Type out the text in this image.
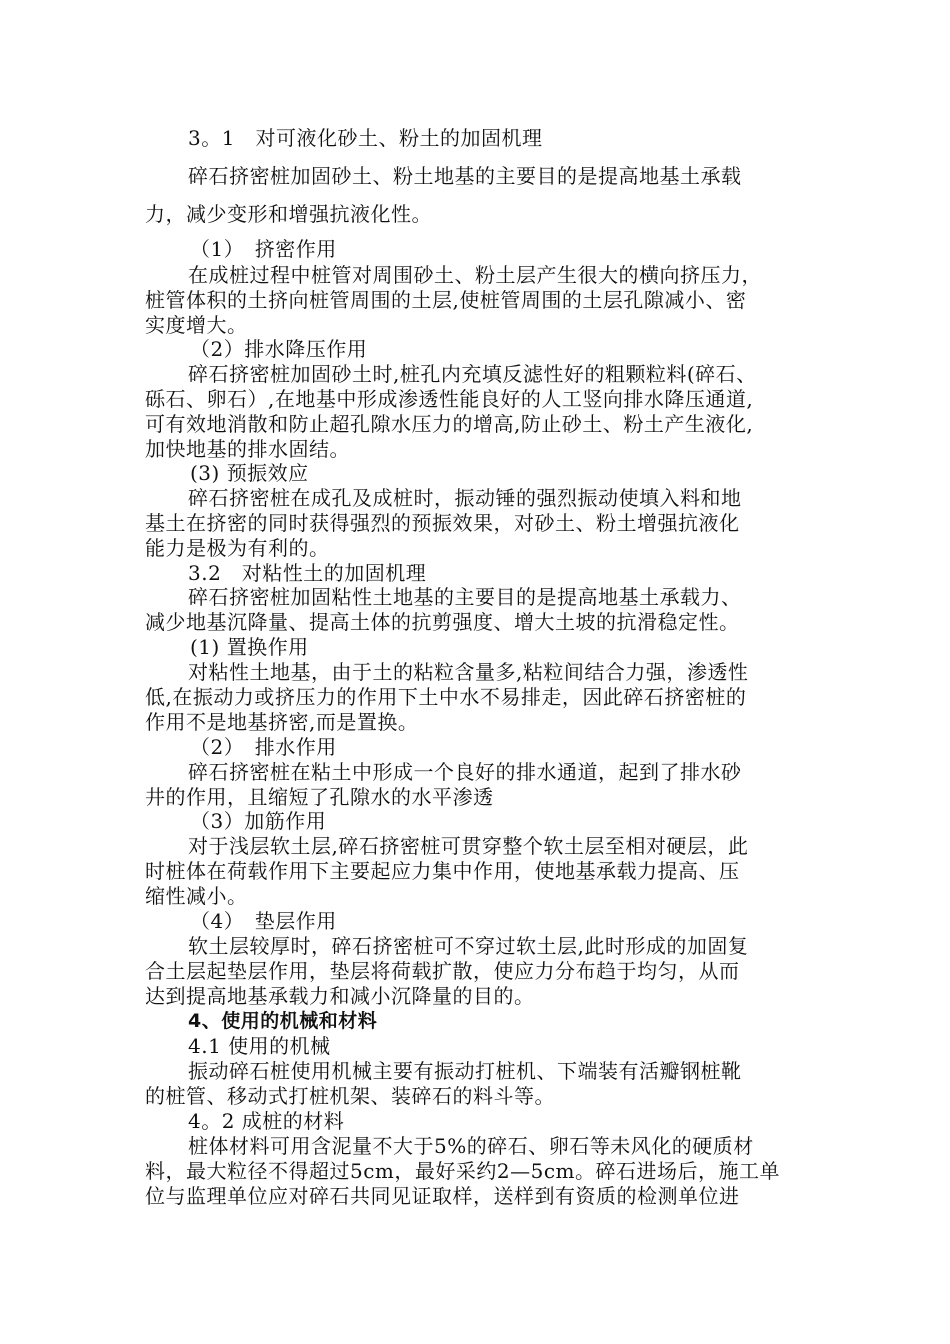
3。1　对可液化砂土、粉土的加固机理
碎石挤密桩加固砂土、粉土地基的主要目的是提高地基土承载
力，减少变形和增强抗液化性。
（1）　挤密作用
在成桩过程中桩管对周围砂土、粉土层产生很大的横向挤压力，
桩管体积的土挤向桩管周围的土层,使桩管周围的土层孔隙减小、密
实度增大。
（2）排水降压作用
碎石挤密桩加固砂土时,桩孔内充填反滤性好的粗颗粒料(碎石、
砾石、卵石）,在地基中形成渗透性能良好的人工竖向排水降压通道,
可有效地消散和防止超孔隙水压力的增高,防止砂土、粉土产生液化,
加快地基的排水固结。
(3) 预振效应
碎石挤密桩在成孔及成桩时，振动锤的强烈振动使填入料和地
基土在挤密的同时获得强烈的预振效果，对砂土、粉土增强抗液化
能力是极为有利的。
3.2　对粘性土的加固机理
碎石挤密桩加固粘性土地基的主要目的是提高地基土承载力、
减少地基沉降量、提高土体的抗剪强度、增大土坡的抗滑稳定性。
(1) 置换作用
对粘性土地基，由于土的粘粒含量多,粘粒间结合力强，渗透性
低,在振动力或挤压力的作用下土中水不易排走，因此碎石挤密桩的
作用不是地基挤密,而是置换。
（2）　排水作用
碎石挤密桩在粘土中形成一个良好的排水通道，起到了排水砂
井的作用，且缩短了孔隙水的水平渗透
（3）加筋作用
对于浅层软土层,碎石挤密桩可贯穿整个软土层至相对硬层，此
时桩体在荷载作用下主要起应力集中作用，使地基承载力提高、压
缩性减小。
（4）　垫层作用
软土层较厚时，碎石挤密桩可不穿过软土层,此时形成的加固复
合土层起垫层作用，垫层将荷载扩散，使应力分布趋于均匀，从而
达到提高地基承载力和减小沉降量的目的。
4、使用的机械和材料
4.1 使用的机械
振动碎石桩使用机械主要有振动打桩机、下端装有活瓣钢桩靴
的桩管、移动式打桩机架、装碎石的料斗等。
4。2 成桩的材料
桩体材料可用含泥量不大于5%的碎石、卵石等未风化的硬质材
料，最大粒径不得超过5cm，最好采约2—5cm。碎石进场后，施工单
位与监理单位应对碎石共同见证取样，送样到有资质的检测单位进
